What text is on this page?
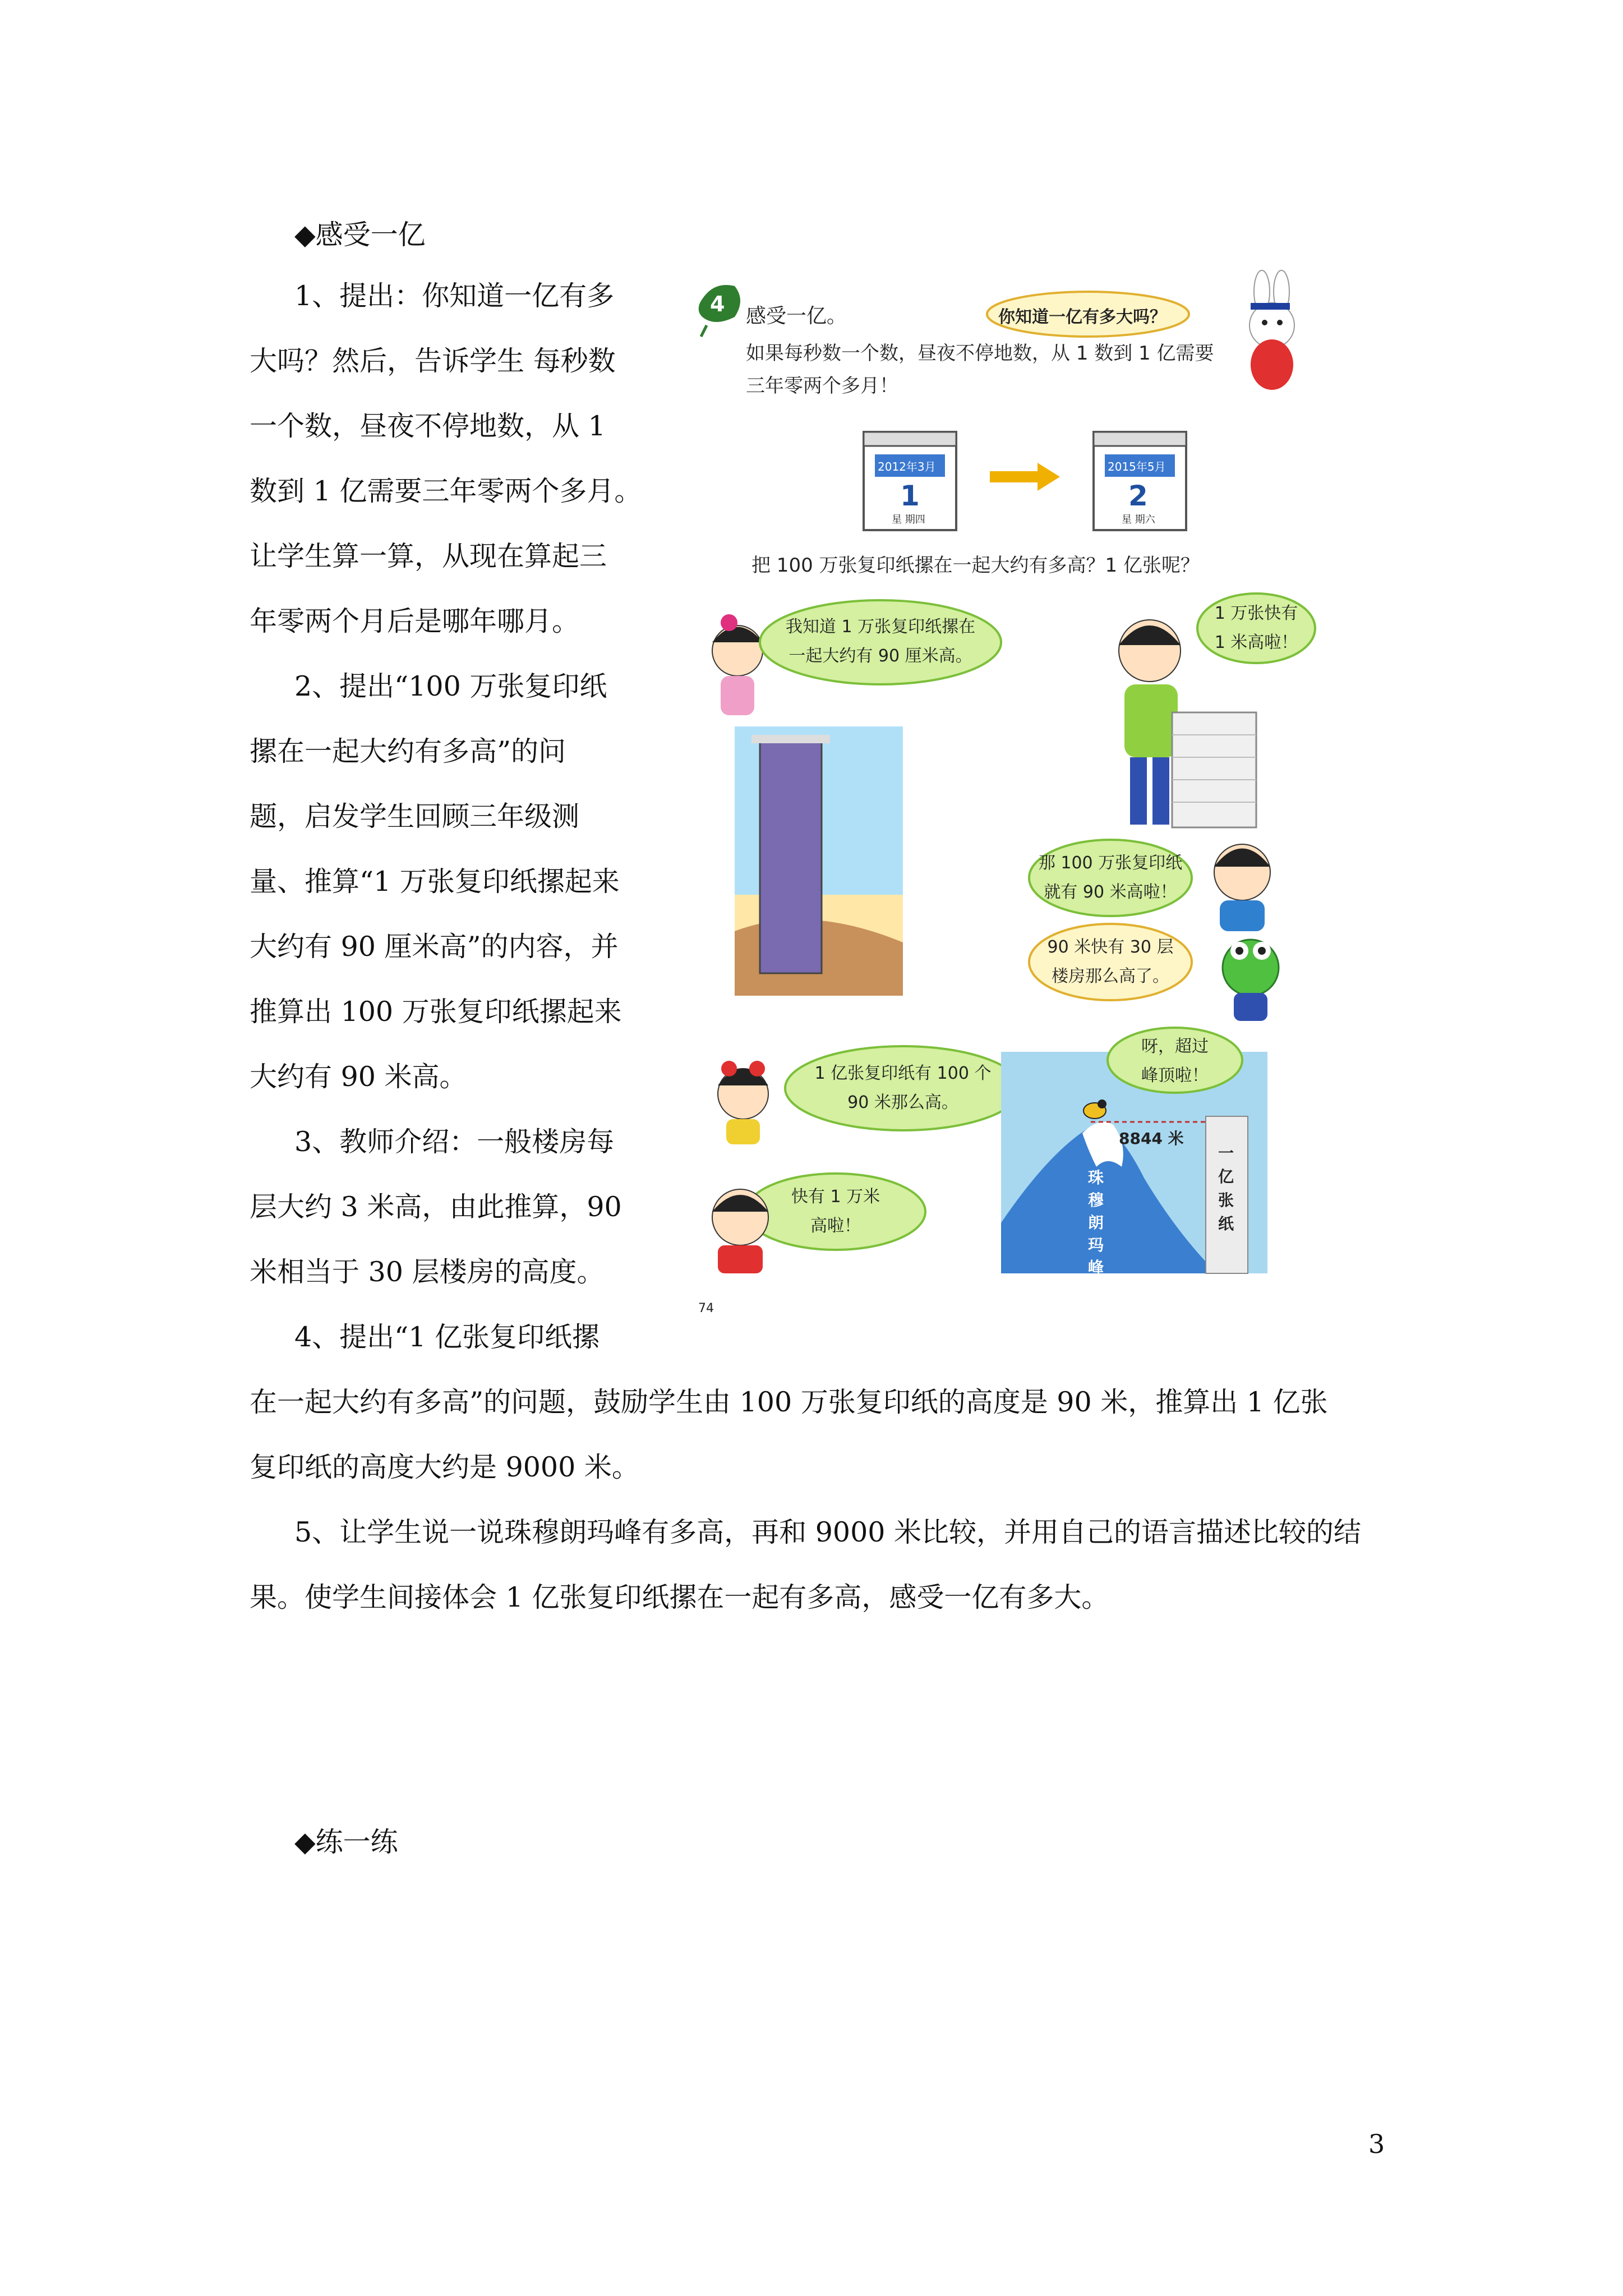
◆感受一亿
1、提出：你知道一亿有多
大吗？然后，告诉学生 每秒数
一个数，昼夜不停地数，从 1
数到 1 亿需要三年零两个多月。
让学生算一算，从现在算起三
年零两个月后是哪年哪月。
2、提出“100 万张复印纸
摞在一起大约有多高”的问
题，启发学生回顾三年级测
量、推算“1 万张复印纸摞起来
大约有 90 厘米高”的内容，并
推算出 100 万张复印纸摞起来
大约有 90 米高。
3、教师介绍：一般楼房每
层大约 3 米高，由此推算，90
米相当于 30 层楼房的高度。
4、提出“1 亿张复印纸摞
在一起大约有多高”的问题，鼓励学生由 100 万张复印纸的高度是 90 米，推算出 1 亿张
复印纸的高度大约是 9000 米。
5、让学生说一说珠穆朗玛峰有多高，再和 9000 米比较，并用自己的语言描述比较的结
果。使学生间接体会 1 亿张复印纸摞在一起有多高，感受一亿有多大。
◆练一练
3
4 感受一亿。	你知道一亿有多大吗？
如果每秒数一个数，昼夜不停地数，从 1 数到 1 亿需要
三年零两个多月！
2012年3月
1
星 期四
2015年5月
2
星 期六
把 100 万张复印纸摞在一起大约有多高？1 亿张呢？
我知道 1 万张复印纸摞在
一起大约有 90 厘米高。
1 万张快有
1 米高啦！
那 100 万张复印纸
就有 90 米高啦！
90 米快有 30 层
楼房那么高了。
1 亿张复印纸有 100 个
90 米那么高。
快有 1 万米
高啦！
呀，超过
峰顶啦！
8844 米
珠穆朗玛峰
一亿张纸
74
